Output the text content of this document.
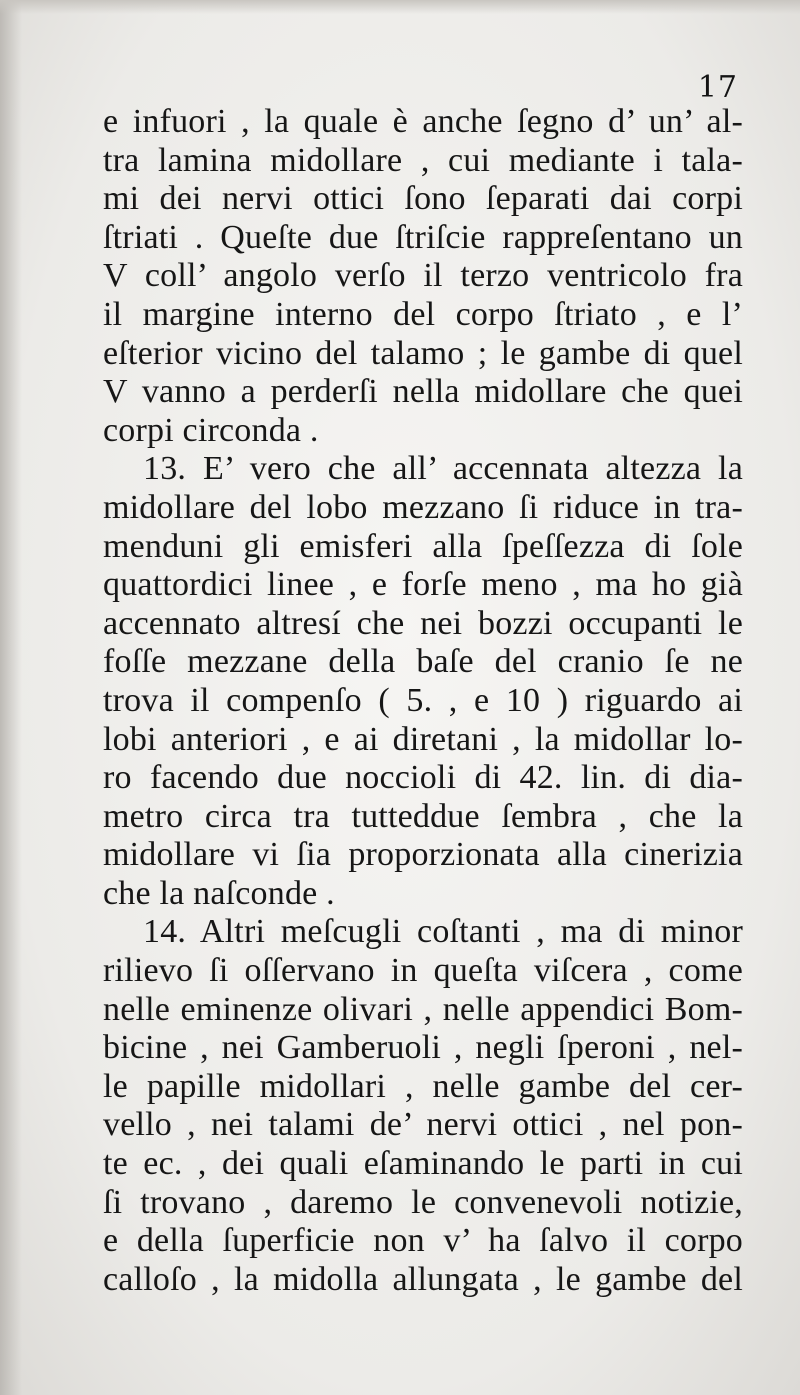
17
e infuori , la quale è anche ſegno d’ un’ al-
tra lamina midollare , cui mediante i tala-
mi dei nervi ottici ſono ſeparati dai corpi
ſtriati . Queſte due ſtriſcie rappreſentano un
V coll’ angolo verſo il terzo ventricolo fra
il margine interno del corpo ſtriato , e l’
eſterior vicino del talamo ; le gambe di quel
V vanno a perderſi nella midollare che quei
corpi circonda .
13. E’ vero che all’ accennata altezza la
midollare del lobo mezzano ſi riduce in tra-
menduni gli emisferi alla ſpeſſezza di ſole
quattordici linee , e forſe meno , ma ho già
accennato altresí che nei bozzi occupanti le
foſſe mezzane della baſe del cranio ſe ne
trova il compenſo ( 5. , e 10 ) riguardo ai
lobi anteriori , e ai diretani , la midollar lo-
ro facendo due noccioli di 42. lin. di dia-
metro circa tra tutteddue ſembra , che la
midollare vi ſia proporzionata alla cinerizia
che la naſconde .
14. Altri meſcugli coſtanti , ma di minor
rilievo ſi oſſervano in queſta viſcera , come
nelle eminenze olivari , nelle appendici Bom-
bicine , nei Gamberuoli , negli ſperoni , nel-
le papille midollari , nelle gambe del cer-
vello , nei talami de’ nervi ottici , nel pon-
te ec. , dei quali eſaminando le parti in cui
ſi trovano , daremo le convenevoli notizie,
e della ſuperficie non v’ ha ſalvo il corpo
calloſo , la midolla allungata , le gambe del
